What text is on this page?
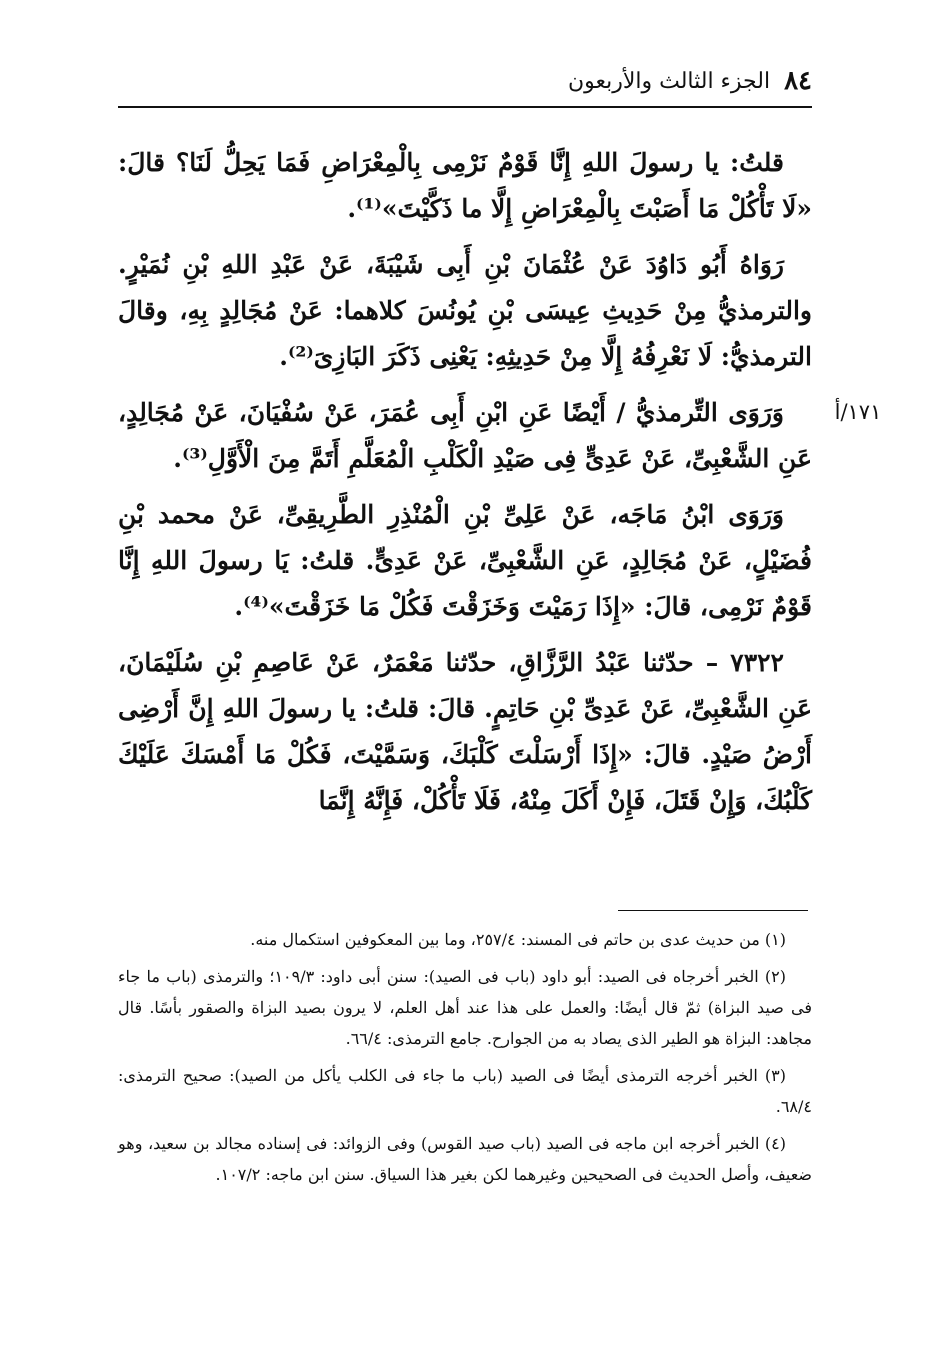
٨٤
الجزء الثالث والأربعون
١٧١/أ

قلتُ: يا رسولَ اللهِ إِنَّا قَوْمٌ نَرْمِى بِالْمِعْرَاضِ فَمَا يَحِلُّ لَنَا؟ قالَ: «لَا تَأْكُلْ مَا أَصَبْتَ بِالْمِعْرَاضِ إِلَّا ما ذَكَّيْتَ»⁽¹⁾.

رَوَاهُ أَبُو دَاوُدَ عَنْ عُثْمَانَ بْنِ أَبِى شَيْبَةَ، عَنْ عَبْدِ اللهِ بْنِ نُمَيْرٍ. والترمذيُّ مِنْ حَدِيثِ عِيسَى بْنِ يُونُسَ كلاهما: عَنْ مُجَالِدٍ بِهِ، وقالَ الترمذيُّ: لَا نَعْرِفُهُ إِلَّا مِنْ حَدِيثِهِ: يَعْنِى ذَكَرَ البَازِىَ⁽²⁾.

وَرَوَى التِّرمذيُّ / أَيْضًا عَنِ ابْنِ أَبِى عُمَرَ، عَنْ سُفْيَانَ، عَنْ مُجَالِدٍ، عَنِ الشَّعْبِىِّ، عَنْ عَدِىٍّ فِى صَيْدِ الْكَلْبِ الْمُعَلَّمِ أَتَمَّ مِنَ الْأَوَّلِ⁽³⁾.

وَرَوَى ابْنُ مَاجَه، عَنْ عَلِىِّ بْنِ الْمُنْذِرِ الطَّرِيقِىِّ، عَنْ محمد بْنِ فُضَيْلٍ، عَنْ مُجَالِدٍ، عَنِ الشَّعْبِىِّ، عَنْ عَدِىٍّ. قلتُ: يَا رسولَ اللهِ إِنَّا قَوْمٌ نَرْمِى، قالَ: «إِذَا رَمَيْتَ وَخَزَقْتَ فَكُلْ مَا خَزَقْتَ»⁽⁴⁾.

٧٣٢٢ – حدّثنا عَبْدُ الرَّزَّاقِ، حدّثنا مَعْمَرٌ، عَنْ عَاصِمِ بْنِ سُلَيْمَانَ، عَنِ الشَّعْبِىِّ، عَنْ عَدِىِّ بْنِ حَاتِمٍ. قالَ: قلتُ: يا رسولَ اللهِ إِنَّ أَرْضِى أَرْضُ صَيْدٍ. قالَ: «إِذَا أَرْسَلْتَ كَلْبَكَ، وَسَمَّيْتَ، فَكُلْ مَا أَمْسَكَ عَلَيْكَ كَلْبُكَ، وَإِنْ قَتَلَ، فَإِنْ أَكَلَ مِنْهُ، فَلَا تَأْكُلْ، فَإِنَّهُ إِنَّمَا

(١) من حديث عدى بن حاتم فى المسند: ٢٥٧/٤، وما بين المعكوفين استكمال منه.

(٢) الخبر أخرجاه فى الصيد: أبو داود (باب فى الصيد): سنن أبى داود: ١٠٩/٣؛ والترمذى (باب ما جاء فى صيد البزاة) ثمّ قال أيضًا: والعمل على هذا عند أهل العلم، لا يرون بصيد البزاة والصقور بأسًا. قال مجاهد: البزاة هو الطير الذى يصاد به من الجوارح. جامع الترمذى: ٦٦/٤.

(٣) الخبر أخرجه الترمذى أيضًا فى الصيد (باب ما جاء فى الكلب يأكل من الصيد): صحيح الترمذى: ٦٨/٤.

(٤) الخبر أخرجه ابن ماجه فى الصيد (باب صيد القوس) وفى الزوائد: فى إسناده مجالد بن سعيد، وهو ضعيف، وأصل الحديث فى الصحيحين وغيرهما لكن بغير هذا السياق. سنن ابن ماجه: ١٠٧/٢.
